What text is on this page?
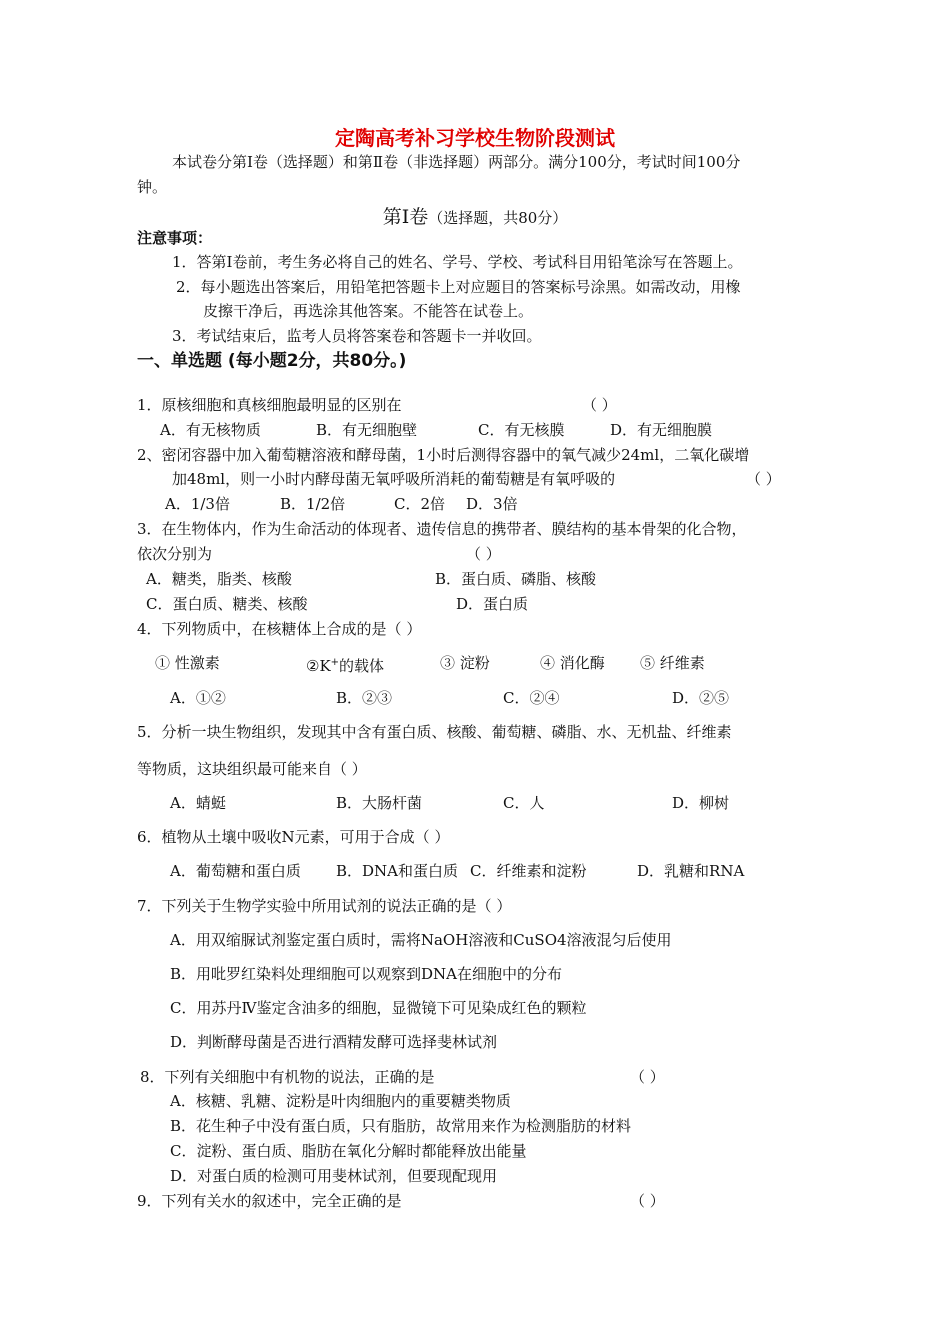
定陶高考补习学校生物阶段测试
本试卷分第Ⅰ卷（选择题）和第Ⅱ卷（非选择题）两部分。满分100分，考试时间100分
钟。
第Ⅰ卷（选择题，共80分）
注意事项：
1．答第Ⅰ卷前，考生务必将自己的姓名、学号、学校、考试科目用铅笔涂写在答题上。
2．每小题选出答案后，用铅笔把答题卡上对应题目的答案标号涂黑。如需改动，用橡
皮擦干净后，再选涂其他答案。不能答在试卷上。
3．考试结束后，监考人员将答案卷和答题卡一并收回。
一、单选题 (每小题2分，共80分。)
1．原核细胞和真核细胞最明显的区别在	（ ）
A．有无核物质	B．有无细胞壁	C．有无核膜	D．有无细胞膜
2、密闭容器中加入葡萄糖溶液和酵母菌，1小时后测得容器中的氧气减少24ml，二氧化碳增
加48ml，则一小时内酵母菌无氧呼吸所消耗的葡萄糖是有氧呼吸的	（ ）
A．1/3倍	B．1/2倍	C．2倍 D．3倍
3．在生物体内，作为生命活动的体现者、遗传信息的携带者、膜结构的基本骨架的化合物，
依次分别为	（ ）
A．糖类，脂类、核酸	B．蛋白质、磷脂、核酸
C．蛋白质、糖类、核酸	D．蛋白质
4．下列物质中，在核糖体上合成的是（ ）
① 性激素	②K+的载体	③ 淀粉	④ 消化酶 ⑤ 纤维素
A．①②	B．②③	C．②④	D．②⑤
5．分析一块生物组织，发现其中含有蛋白质、核酸、葡萄糖、磷脂、水、无机盐、纤维素
等物质，这块组织最可能来自（ ）
A．蜻蜓	B．大肠杆菌	C．人	D．柳树
6．植物从土壤中吸收N元素，可用于合成（ ）
A．葡萄糖和蛋白质 B．DNA和蛋白质 C．纤维素和淀粉	D．乳糖和RNA
7．下列关于生物学实验中所用试剂的说法正确的是（ ）
A．用双缩脲试剂鉴定蛋白质时，需将NaOH溶液和CuSO4溶液混匀后使用
B．用吡罗红染料处理细胞可以观察到DNA在细胞中的分布
C．用苏丹Ⅳ鉴定含油多的细胞，显微镜下可见染成红色的颗粒
D．判断酵母菌是否进行酒精发酵可选择斐林试剂
8．下列有关细胞中有机物的说法，正确的是	（ ）
A．核糖、乳糖、淀粉是叶肉细胞内的重要糖类物质
B．花生种子中没有蛋白质，只有脂肪，故常用来作为检测脂肪的材料
C．淀粉、蛋白质、脂肪在氧化分解时都能释放出能量
D．对蛋白质的检测可用斐林试剂，但要现配现用
9．下列有关水的叙述中，完全正确的是	（ ）
